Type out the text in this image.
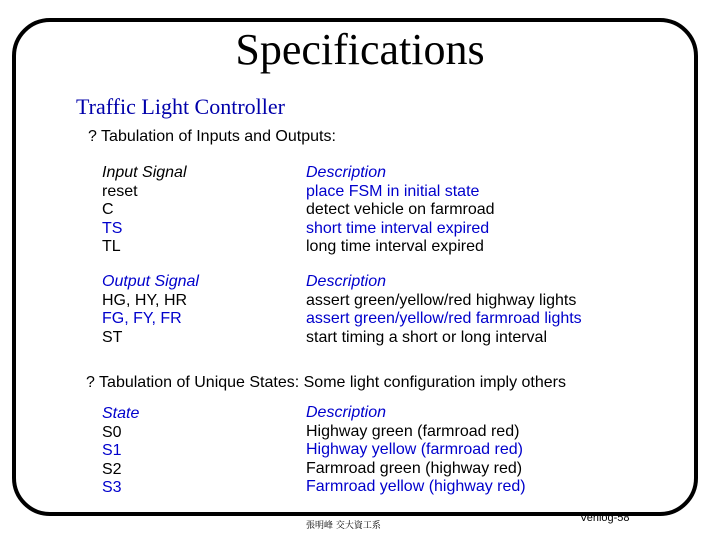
Specifications
Traffic Light Controller
? Tabulation of Inputs and Outputs:
Input Signal
reset
C
TS
TL
Description
place FSM in initial state
detect vehicle on farmroad
short time interval expired
long time interval expired
Output Signal
HG, HY, HR
FG, FY, FR
ST
Description
assert green/yellow/red highway lights
assert green/yellow/red farmroad lights
start timing a short or long interval
? Tabulation of Unique States: Some light configuration imply others
State
S0
S1
S2
S3
Description
Highway green (farmroad red)
Highway yellow (farmroad red)
Farmroad green (highway red)
Farmroad yellow (highway red)
張明峰 交大資工系
Verilog-58
